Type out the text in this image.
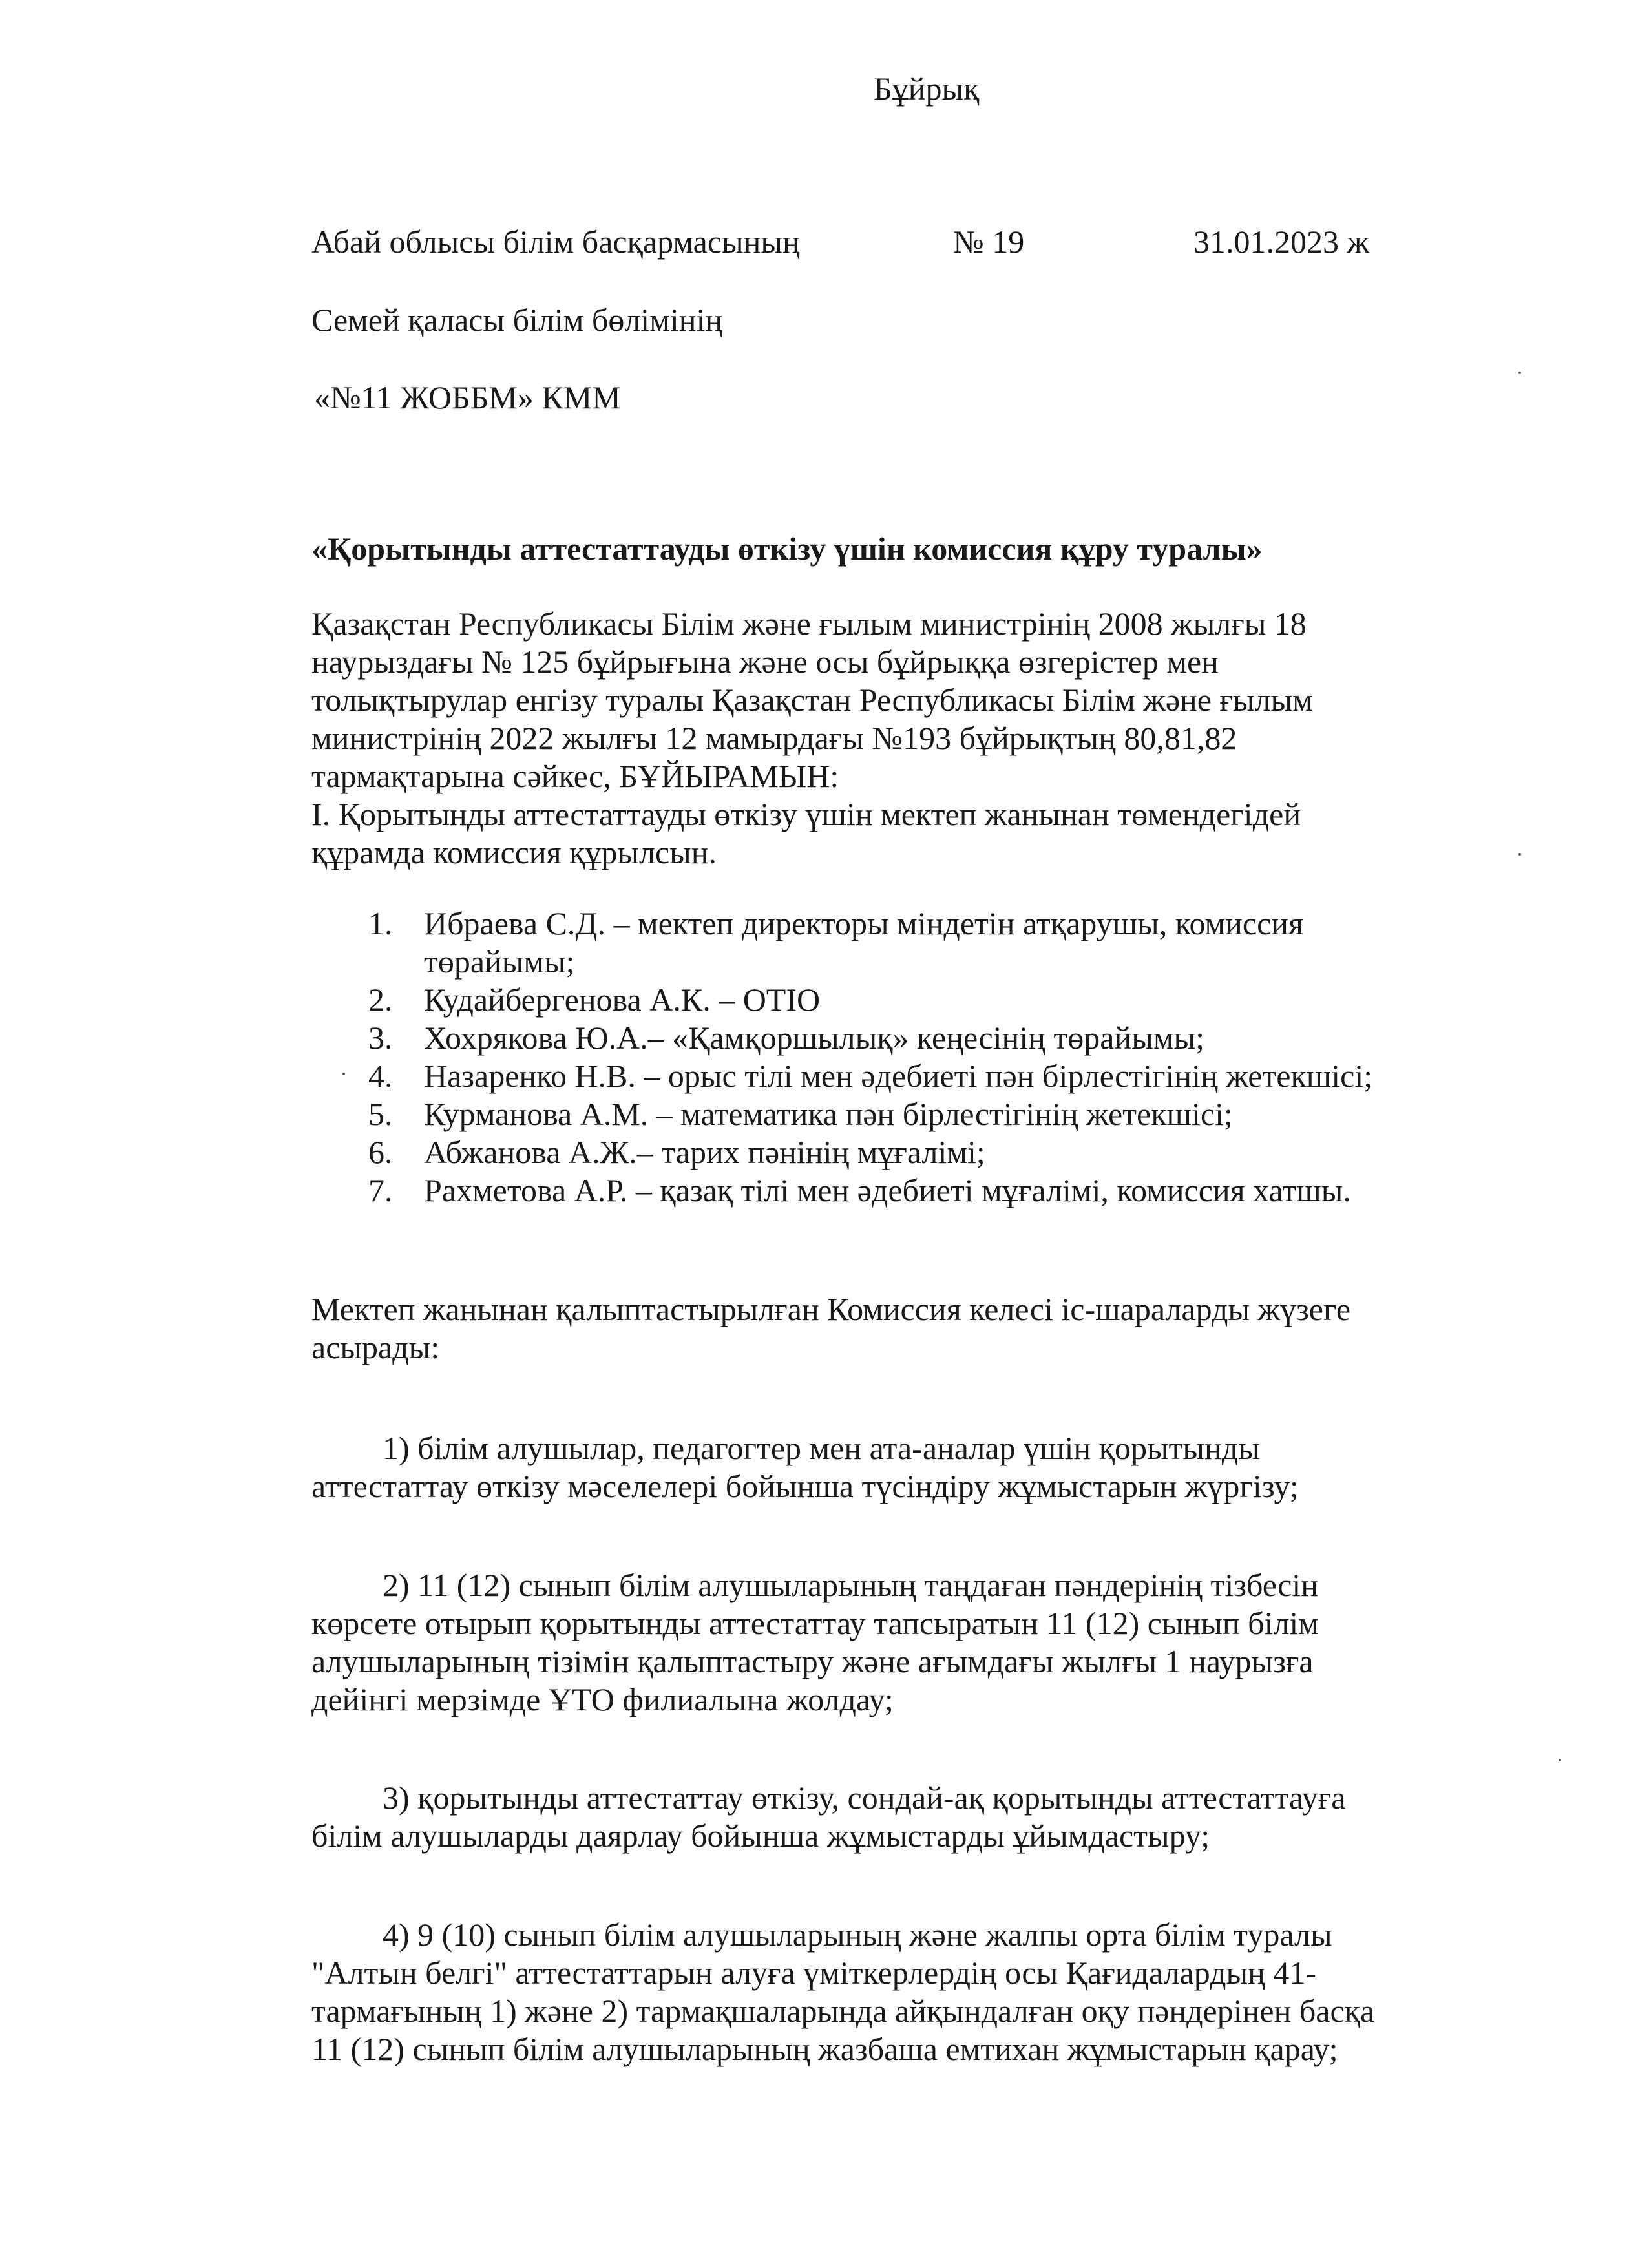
Бұйрық
Абай облысы білім басқармасының	№ 19	31.01.2023 ж
Семей қаласы білім бөлімінің
«№11 ЖОББМ» КММ
«Қорытынды аттестаттауды өткізу үшін комиссия құру туралы»

Қазақстан Республикасы Білім және ғылым министрінің 2008 жылғы 18

наурыздағы № 125 бұйрығына және осы бұйрыққа өзгерістер мен

толықтырулар енгізу туралы Қазақстан Республикасы Білім және ғылым

министрінің 2022 жылғы 12 мамырдағы №193 бұйрықтың 80,81,82

тармақтарына сәйкес, БҰЙЫРАМЫН:

І. Қорытынды аттестаттауды өткізу үшін мектеп жанынан төмендегідей

құрамда комиссия құрылсын.

1. Ибраева С.Д. – мектеп директоры міндетін атқарушы, комиссия
төрайымы;
2. Кудайбергенова А.К. – ОТІО
3. Хохрякова Ю.А.– «Қамқоршылық» кеңесінің төрайымы;
4. Назаренко Н.В. – орыс тілі мен әдебиеті пән бірлестігінің жетекшісі;
5. Курманова А.М. – математика пән бірлестігінің жетекшісі;
6. Абжанова А.Ж.– тарих пәнінің мұғалімі;
7. Рахметова А.Р. – қазақ тілі мен әдебиеті мұғалімі, комиссия хатшы.

Мектеп жанынан қалыптастырылған Комиссия келесі іс-шараларды жүзеге

асырады:

1) білім алушылар, педагогтер мен ата-аналар үшін қорытынды

аттестаттау өткізу мәселелері бойынша түсіндіру жұмыстарын жүргізу;

2) 11 (12) сынып білім алушыларының таңдаған пәндерінің тізбесін

көрсете отырып қорытынды аттестаттау тапсыратын 11 (12) сынып білім

алушыларының тізімін қалыптастыру және ағымдағы жылғы 1 наурызға

дейінгі мерзімде ҰТО филиалына жолдау;

3) қорытынды аттестаттау өткізу, сондай-ақ қорытынды аттестаттауға

білім алушыларды даярлау бойынша жұмыстарды ұйымдастыру;

4) 9 (10) сынып білім алушыларының және жалпы орта білім туралы

"Алтын белгі" аттестаттарын алуға үміткерлердің осы Қағидалардың 41-

тармағының 1) және 2) тармақшаларында айқындалған оқу пәндерінен басқа

11 (12) сынып білім алушыларының жазбаша емтихан жұмыстарын қарау;
